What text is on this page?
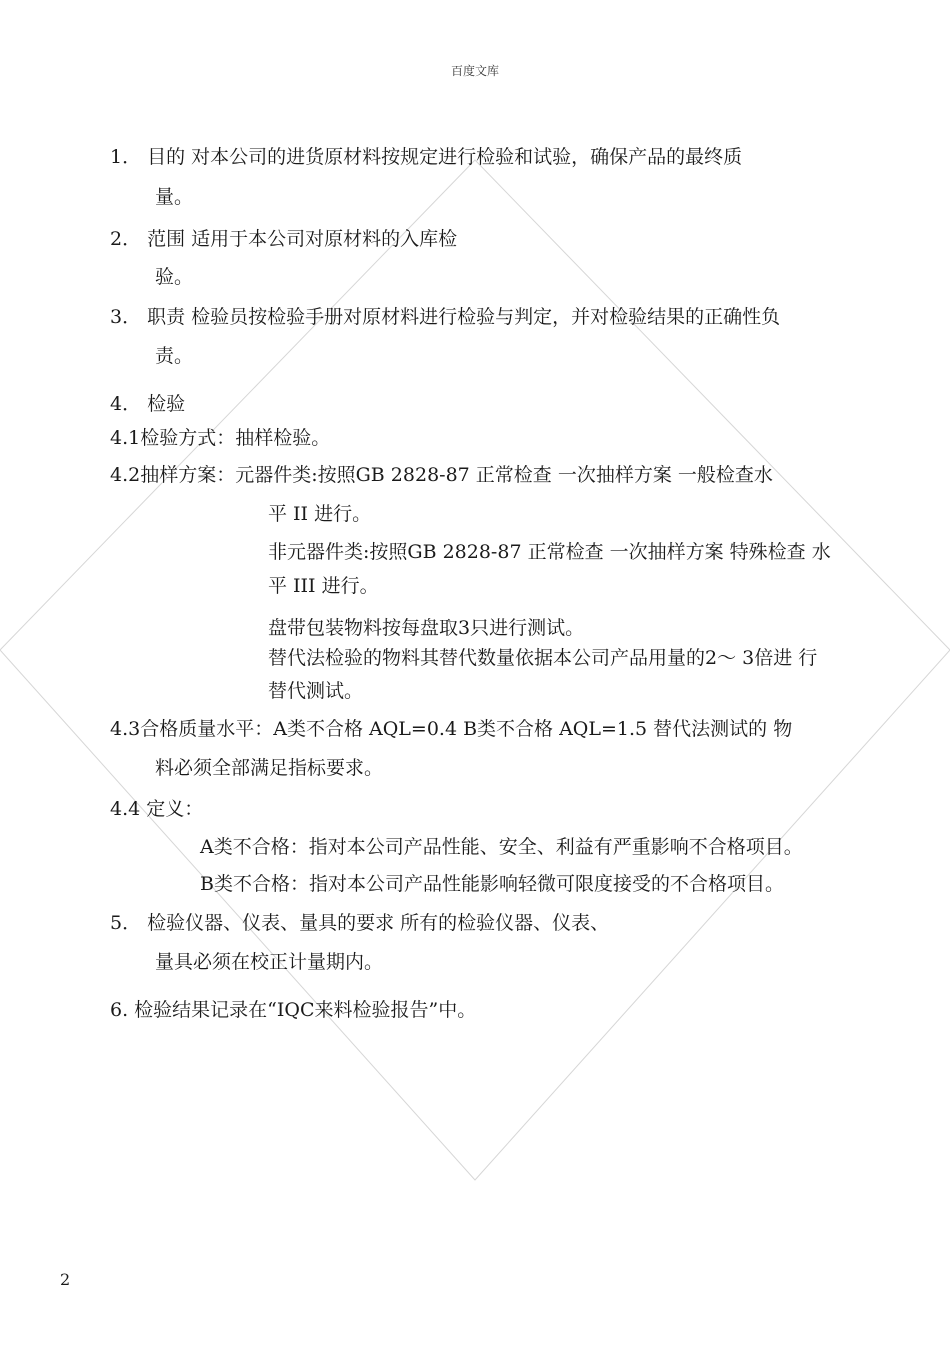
百度文库
1． 目的 对本公司的进货原材料按规定进行检验和试验，确保产品的最终质
量。
2． 范围 适用于本公司对原材料的入库检
验。
3． 职责 检验员按检验手册对原材料进行检验与判定，并对检验结果的正确性负
责。
4． 检验
4.1检验方式：抽样检验。
4.2抽样方案：元器件类:按照GB 2828-87 正常检查 一次抽样方案 一般检查水
平 II 进行。
非元器件类:按照GB 2828-87 正常检查 一次抽样方案 特殊检查 水
平 III 进行。
盘带包装物料按每盘取3只进行测试。
替代法检验的物料其替代数量依据本公司产品用量的2～ 3倍进 行
替代测试。
4.3合格质量水平：A类不合格 AQL=0.4 B类不合格 AQL=1.5 替代法测试的 物
料必须全部满足指标要求。
4.4 定义：
A类不合格：指对本公司产品性能、安全、利益有严重影响不合格项目。
B类不合格：指对本公司产品性能影响轻微可限度接受的不合格项目。
5． 检验仪器、仪表、量具的要求 所有的检验仪器、仪表、
量具必须在校正计量期内。
6. 检验结果记录在“IQC来料检验报告”中。
2
